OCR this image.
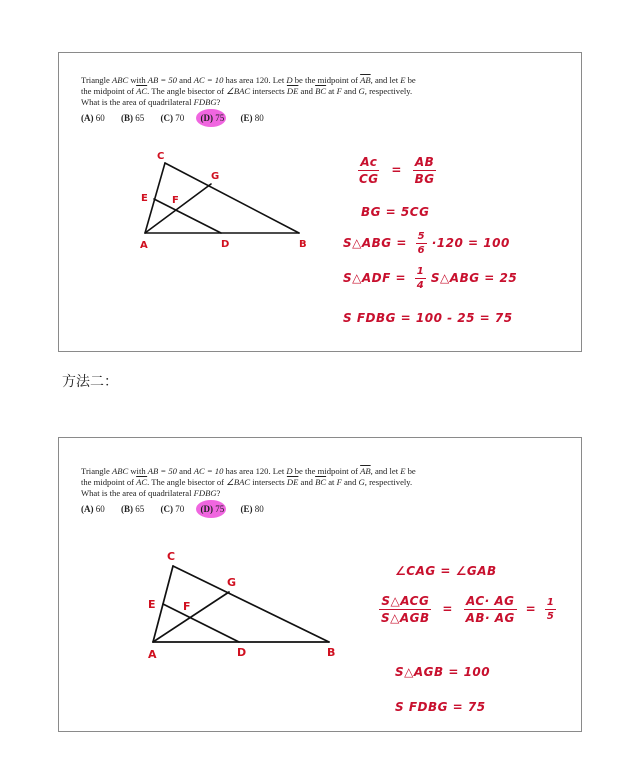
Triangle ABC with AB = 50 and AC = 10 has area 120. Let D be the midpoint of $\overline{AB}$, and let E be
the midpoint of $\overline{AC}$. The angle bisector of ∠BAC intersects $\overline{DE}$ and $\overline{BC}$ at F and G, respectively.
What is the area of quadrilateral FDBG?
(A) 60 (B) 65 (C) 70 (D) 75 (E) 80
C
G
E F
A	D	B
$\frac{Ac}{CG} = \frac{AB}{BG}$
BG = 5CG
S△ABG = $\frac{5}{6} \cdot 120 = 100$
S△ADF = $\frac{1}{4}$ S△ABG = 25
S FDBG = 100 - 25 = 75
方法二：
Triangle ABC with AB = 50 and AC = 10 has area 120. Let D be the midpoint of $\overline{AB}$, and let E be
the midpoint of $\overline{AC}$. The angle bisector of ∠BAC intersects $\overline{DE}$ and $\overline{BC}$ at F and G, respectively.
What is the area of quadrilateral FDBG?
(A) 60 (B) 65 (C) 70 (D) 75 (E) 80
C
G
E F
A	D	B
∠CAG = ∠GAB
$\frac{\text{S△ACG}}{\text{S△AGB}} = \frac{AC\cdot AG}{AB\cdot AG} = \frac{1}{5}$
S△AGB = 100
S FDBG = 75
